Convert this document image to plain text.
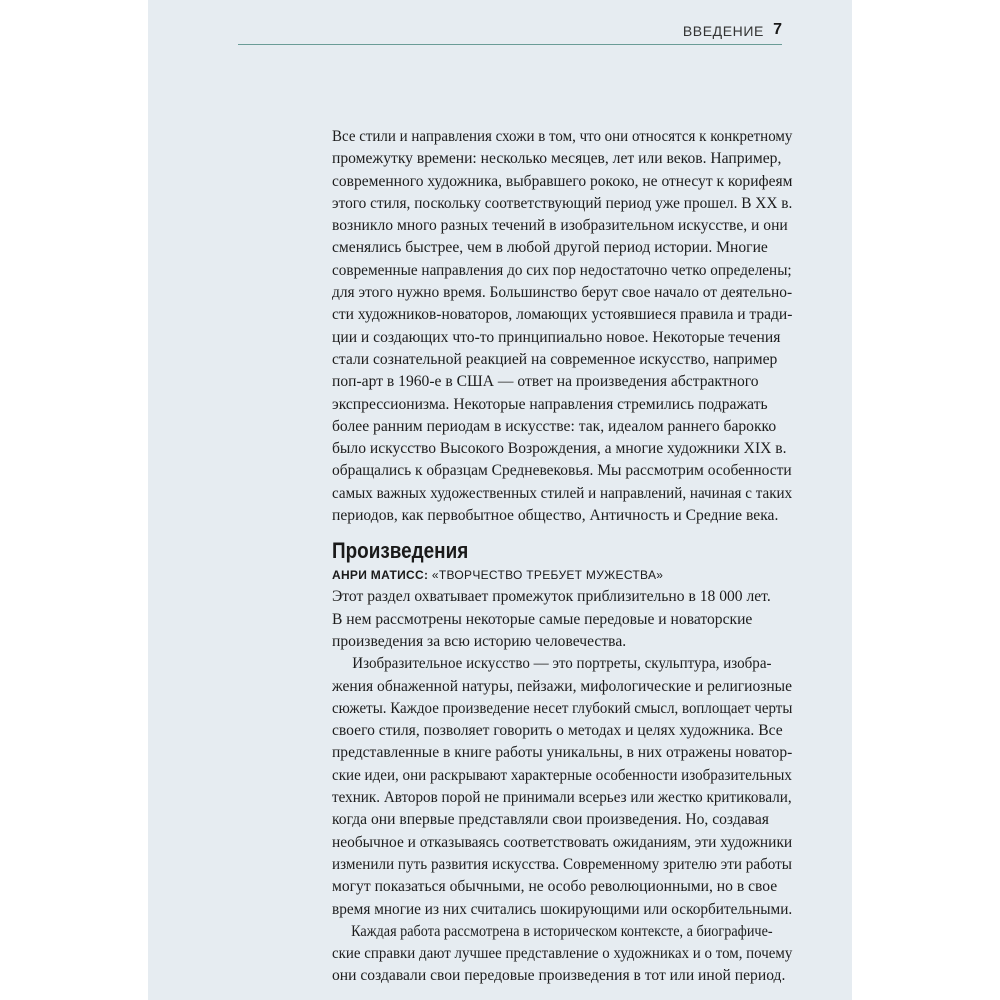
ВВЕДЕНИЕ 7
Все стили и направления схожи в том, что они относятся к конкретному
промежутку времени: несколько месяцев, лет или веков. Например,
современного художника, выбравшего рококо, не отнесут к корифеям
этого стиля, поскольку соответствующий период уже прошел. В XX в.
возникло много разных течений в изобразительном искусстве, и они
сменялись быстрее, чем в любой другой период истории. Многие
современные направления до сих пор недостаточно четко определены;
для этого нужно время. Большинство берут свое начало от деятельно-
сти художников-новаторов, ломающих устоявшиеся правила и тради-
ции и создающих что-то принципиально новое. Некоторые течения
стали сознательной реакцией на современное искусство, например
поп-арт в 1960-е в США — ответ на произведения абстрактного
экспрессионизма. Некоторые направления стремились подражать
более ранним периодам в искусстве: так, идеалом раннего барокко
было искусство Высокого Возрождения, а многие художники XIX в.
обращались к образцам Средневековья. Мы рассмотрим особенности
самых важных художественных стилей и направлений, начиная с таких
периодов, как первобытное общество, Античность и Средние века.
Произведения
АНРИ МАТИСС: «ТВОРЧЕСТВО ТРЕБУЕТ МУЖЕСТВА»
Этот раздел охватывает промежуток приблизительно в 18 000 лет.
В нем рассмотрены некоторые самые передовые и новаторские
произведения за всю историю человечества.
Изобразительное искусство — это портреты, скульптура, изобра-
жения обнаженной натуры, пейзажи, мифологические и религиозные
сюжеты. Каждое произведение несет глубокий смысл, воплощает черты
своего стиля, позволяет говорить о методах и целях художника. Все
представленные в книге работы уникальны, в них отражены новатор-
ские идеи, они раскрывают характерные особенности изобразительных
техник. Авторов порой не принимали всерьез или жестко критиковали,
когда они впервые представляли свои произведения. Но, создавая
необычное и отказываясь соответствовать ожиданиям, эти художники
изменили путь развития искусства. Современному зрителю эти работы
могут показаться обычными, не особо революционными, но в свое
время многие из них считались шокирующими или оскорбительными.
Каждая работа рассмотрена в историческом контексте, а биографиче-
ские справки дают лучшее представление о художниках и о том, почему
они создавали свои передовые произведения в тот или иной период.
